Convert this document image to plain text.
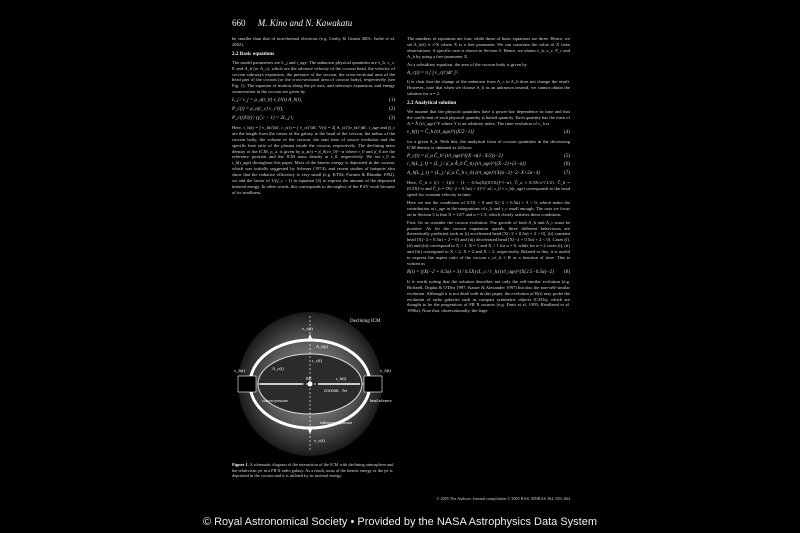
660 M. Kino and N. Kawakatu

be smaller than that of non-thermal electrons (e.g. Leahy & Gizani 2001; Isobe et al. 2002).

2.2 Basic equations

The model parameters are L_j and t_age. The unknown physical quantities are v_h, v_c, P, and A_h (or A_c), which are the advance velocity of the cocoon head, the velocity of cocoon sideways expansion, the pressure of the cocoon, the cross-sectional area of the head part of the cocoon (or the cross-sectional area of cocoon body), respectively (see Fig. 1). The equation of motion along the jet axis, and sideways expansion, and energy conservation in the cocoon are given by

L_j / v_j = ρ_a(r_h) v_h²(t) A_h(t),	(1)
P_c(t) = ρ_a(r_c) v_c²(t),	(2)
P_c(t)V(t) / (γ̂_c − 1) = 2L_j t,	(3)

Here, r_h(t) = ∫ v_h(t′)dt′, r_c(t) = ∫ v_c(t′)dt′, V(t) = 2∫ A_c(t′)v_h(t′)dt′, t_age and β_c are the length from the centre of the galaxy to the head of the cocoon, the radius of the cocoon body, the volume of the cocoon, the start time of source evolution and the specific heat ratio of the plasma inside the cocoon, respectively. The declining mass density of the ICM, ρ_a, is given by ρ_a(r) = ρ̄_0(r/r_0)^−α where r_0 and ρ̄_0 are the reference position and the ICM mass density at r_0, respectively. We set r_0 as r_h(t_age) throughout this paper. Most of the kinetic energy is deposited in the cocoon, which was initially suggested by Scheuer (1974), and recent studies of hotspots also show that the radiative efficiency is very small (e.g. KT04; Fortuin & Blundin 1992), we add the factor of 1/(γ̂_c − 1) in equation (3) to express the amount of the deposited internal energy. In other words, this corresponds to the neglect of the P dV work because of its smallness.

Declining ICM
cocoon
A_h(t)
A_c(t)	v_h(t)
v_h(t)
v_c(t)
v_c(t)
r_h(t)
r_c(t)
Jet
head advance
sideways expansion
BH
cocoon pressure
Figure 1. A schematic diagram of the interaction of the ICM with declining atmosphere and the relativistic jet in a FR II radio galaxy. As a result, most of the kinetic energy of the jet is deposited in the cocoon and it is inflated by its internal energy.

The numbers of equations are four, while those of basic equations are three. Hence, we set A_h(t) ∝ t^X where X is a free parameter. We can constrain the value of X from observations. A specific case is shown in Section 5. Hence, we obtain v_h, v_c, P_c and A_h by using a free parameter X.

As a subsidiary equation, the area of the cocoon body is given by

A_c(t) = π [ ∫ v_c(t′)dt′ ]².

It is clear that the change of the unknown from A_c to A_h does not change the result. However, note that when we choose A_h as an unknown instead, we cannot obtain the solution for α = 2.

2.3 Analytical solution

We assume that the physical quantities have a power-law dependence in time and that the coefficient of each physical quantity is hatted quantity. Each quantity has the form of A = Â (t/t_age)^Y where Y is an arbitrary index. The time evolution of v_h is

v_h(t) = Ĉ_h (t/t_age)^{(X/2−1)}	(4)

for a given A_h. With this, the analytical form of cocoon quantities in the decreasing ICM density is obtained as follows:

P_c(t) = ρ̄_a Ĉ_h² (t/t_age)^{(X−α(1−X/2))−2}	(5)
r_h(L_j, t) = (L_j / ρ̄_a Â_h Ĉ_h) (t/t_age)^{(X−2)+(3−α)}	(6)
A_h(L_j, t) = (L_j / ρ̄_a Ĉ_h v_h) (t/t_age)^{X(α−2)−2−X+2α−4}	(7)

Here, Ĉ_h ≡ [(1 − 1)(3 − (1 − 0.5α)X)(0.5X)]^{−α}, Ĉ_a ≡ 0.5X/π^{1/2}, Ĉ_h = (0.5X)^α and Ĉ_h = [X(−2 + 0.5α) + 3]^{−a}; r_0 ≡ r_h(t_age) corresponds to the head speed for constant velocity in time.

Here we use the conditions of 0.5X > 0 and X(−2 + 0.5α) + 3 > 0, which make the contribution at t_age in the integrations of r_h and r_c small enough. The case we focus on in Section 5 is that X = 12/7 and α = 1.5, which clearly satisfies these conditions.

First, let us consider the cocoon evolution. The growth of both A_h and A_c must be positive. As for the cocoon expansion speeds, three different behaviours are theoretically predicted such as (i) accelerated head [X(−2 + 0.5α) + 2 > 0], (ii) constant head [X(−2 + 0.5α) + 2 = 0] and (iii) decelerated head [X(−2 + 0.5α) + 2 < 0]. Cases (i), (ii) and (iii) correspond to X < 1, X = 1 and X > 1 for α = 0, while for α = 2 cases (i), (ii) and (iii) correspond to X < 2, X = 2 and X > 2, respectively. Related to this, it is useful to express the aspect ratio of the cocoon r_c/r_h ≡ R as a function of time. This is written as

R(t) = ((X(−2 + 0.5α) + 3) / 0.5X) (L_c / r_h) (t/t_age)^{X(2.5−0.5α)−2} (8)

It is worth noting that the solution describes not only the self-similar evolution (e.g. Bicknell, Dopita & O'Dea 1997; Kaiser & Alexander 1997) but also the non-self-similar evolution. Although it is not dealt with in this paper, the evolution of R(t) may probe the evolution of radio galaxies such as compact symmetric objects (CSOs), which are thought to be the progenitors of FR II sources (e.g. Fanti et al. 1995; Readhead et al. 1996a). Note that, observationally, the large

© 2005 The Authors. Journal compilation © 2005 RAS, MNRAS 364, 659–664
© Royal Astronomical Society • Provided by the NASA Astrophysics Data System
